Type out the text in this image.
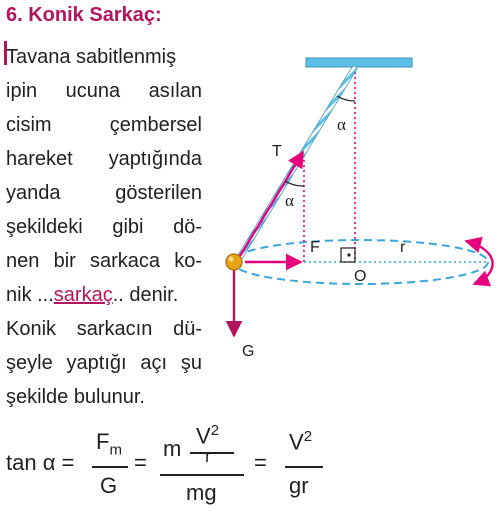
6. Konik Sarkaç:
Tavana sabitlenmiş
ipin ucuna asılan
cisim çembersel
hareket yaptığında
yanda gösterilen
şekildeki gibi dö-
nen bir sarkaca ko-
nik ...sarkaç.. denir.
Konik sarkacın dü-
şeyle yaptığı açı şu
şekilde bulunur.
T
α
α
F	r
O
G
tan α =
$F_m$
G
=
m
$V^2$
r
mg
=
$V^2$
gr
